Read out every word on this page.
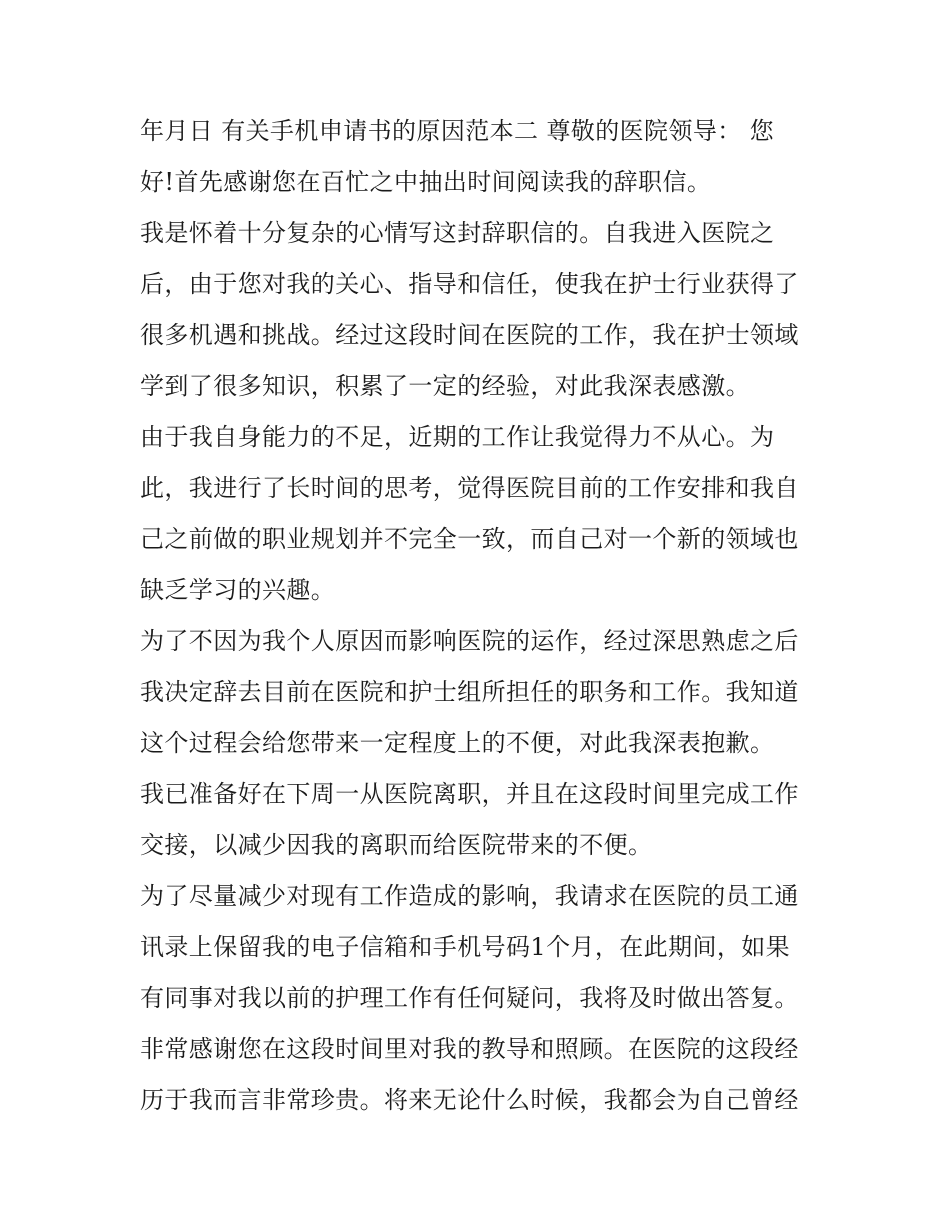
年月日 有关手机申请书的原因范本二 尊敬的医院领导： 您
好!首先感谢您在百忙之中抽出时间阅读我的辞职信。
我是怀着十分复杂的心情写这封辞职信的。自我进入医院之
后，由于您对我的关心、指导和信任，使我在护士行业获得了
很多机遇和挑战。经过这段时间在医院的工作，我在护士领域
学到了很多知识，积累了一定的经验，对此我深表感激。
由于我自身能力的不足，近期的工作让我觉得力不从心。为
此，我进行了长时间的思考，觉得医院目前的工作安排和我自
己之前做的职业规划并不完全一致，而自己对一个新的领域也
缺乏学习的兴趣。
为了不因为我个人原因而影响医院的运作，经过深思熟虑之后
我决定辞去目前在医院和护士组所担任的职务和工作。我知道
这个过程会给您带来一定程度上的不便，对此我深表抱歉。
我已准备好在下周一从医院离职，并且在这段时间里完成工作
交接，以减少因我的离职而给医院带来的不便。
为了尽量减少对现有工作造成的影响，我请求在医院的员工通
讯录上保留我的电子信箱和手机号码1个月，在此期间，如果
有同事对我以前的护理工作有任何疑问，我将及时做出答复。
非常感谢您在这段时间里对我的教导和照顾。在医院的这段经
历于我而言非常珍贵。将来无论什么时候，我都会为自己曾经
